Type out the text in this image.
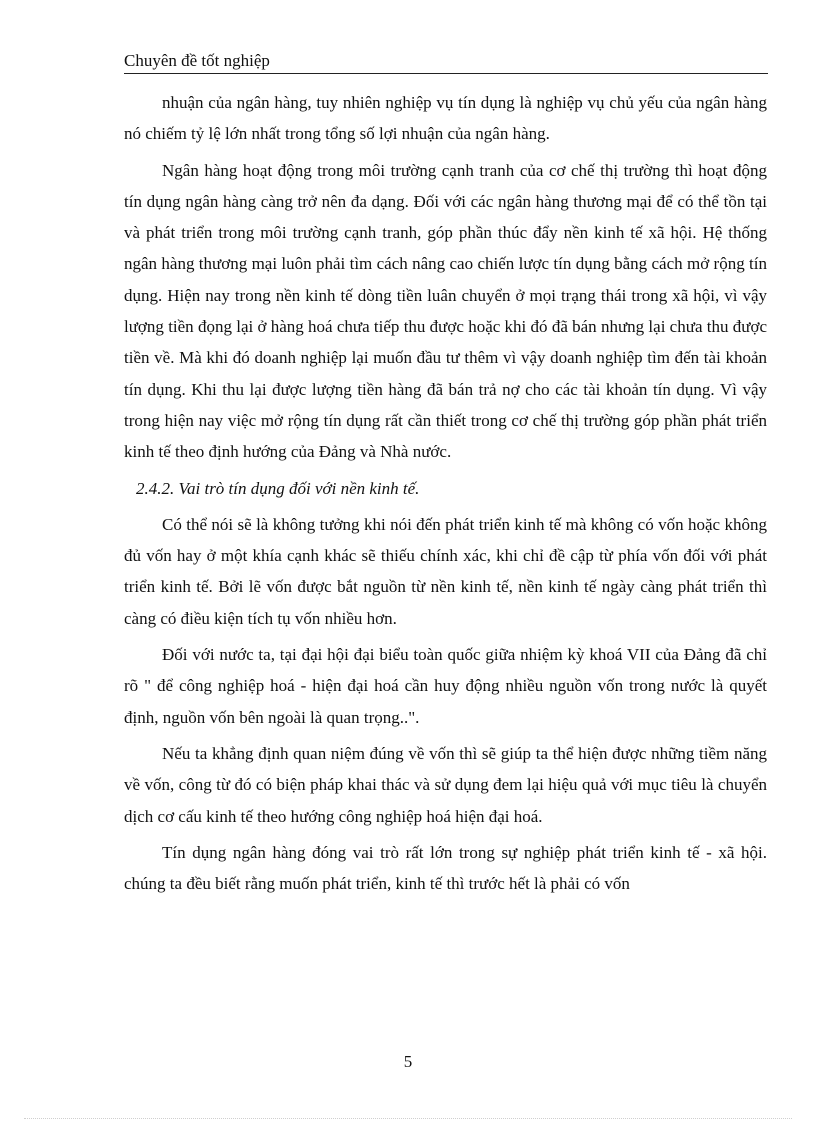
Chuyên đề tốt nghiệp

nhuận của ngân hàng, tuy nhiên nghiệp vụ tín dụng là nghiệp vụ chủ yếu của ngân hàng nó chiếm tỷ lệ lớn nhất trong tổng số lợi nhuận của ngân hàng.

Ngân hàng hoạt động trong môi trường cạnh tranh của cơ chế thị trường thì hoạt động tín dụng ngân hàng càng trở nên đa dạng. Đối với các ngân hàng thương mại để có thể tồn tại và phát triển trong môi trường cạnh tranh, góp phần thúc đẩy nền kinh tế xã hội. Hệ thống ngân hàng thương mại luôn phải tìm cách nâng cao chiến lược tín dụng bằng cách mở rộng tín dụng. Hiện nay trong nền kinh tế dòng tiền luân chuyển ở mọi trạng thái trong xã hội, vì vậy lượng tiền đọng lại ở hàng hoá chưa tiếp thu được hoặc khi đó đã bán nhưng lại chưa thu được tiền về. Mà khi đó doanh nghiệp lại muốn đầu tư thêm vì vậy doanh nghiệp tìm đến tài khoản tín dụng. Khi thu lại được lượng tiền hàng đã bán trả nợ cho các tài khoản tín dụng. Vì vậy trong hiện nay việc mở rộng tín dụng rất cần thiết trong cơ chế thị trường góp phần phát triển kinh tế theo định hướng của Đảng và Nhà nước.

2.4.2. Vai trò tín dụng đối với nền kinh tế.

Có thể nói sẽ là không tưởng khi nói đến phát triển kinh tế mà không có vốn hoặc không đủ vốn hay ở một khía cạnh khác sẽ thiếu chính xác, khi chỉ đề cập từ phía vốn đối với phát triển kinh tế. Bởi lẽ vốn được bắt nguồn từ nền kinh tế, nền kinh tế ngày càng phát triển thì càng có điều kiện tích tụ vốn nhiều hơn.

Đối với nước ta, tại đại hội đại biểu toàn quốc giữa nhiệm kỳ khoá VII của Đảng đã chỉ rõ " để công nghiệp hoá - hiện đại hoá cần huy động nhiều nguồn vốn trong nước là quyết định, nguồn vốn bên ngoài là quan trọng..".

Nếu ta khẳng định quan niệm đúng về vốn thì sẽ giúp ta thể hiện được những tiềm năng về vốn, công từ đó có biện pháp khai thác và sử dụng đem lại hiệu quả với mục tiêu là chuyển dịch cơ cấu kinh tế theo hướng công nghiệp hoá hiện đại hoá.

Tín dụng ngân hàng đóng vai trò rất lớn trong sự nghiệp phát triển kinh tế - xã hội. chúng ta đều biết rằng muốn phát triển, kinh tế thì trước hết là phải có vốn

5
